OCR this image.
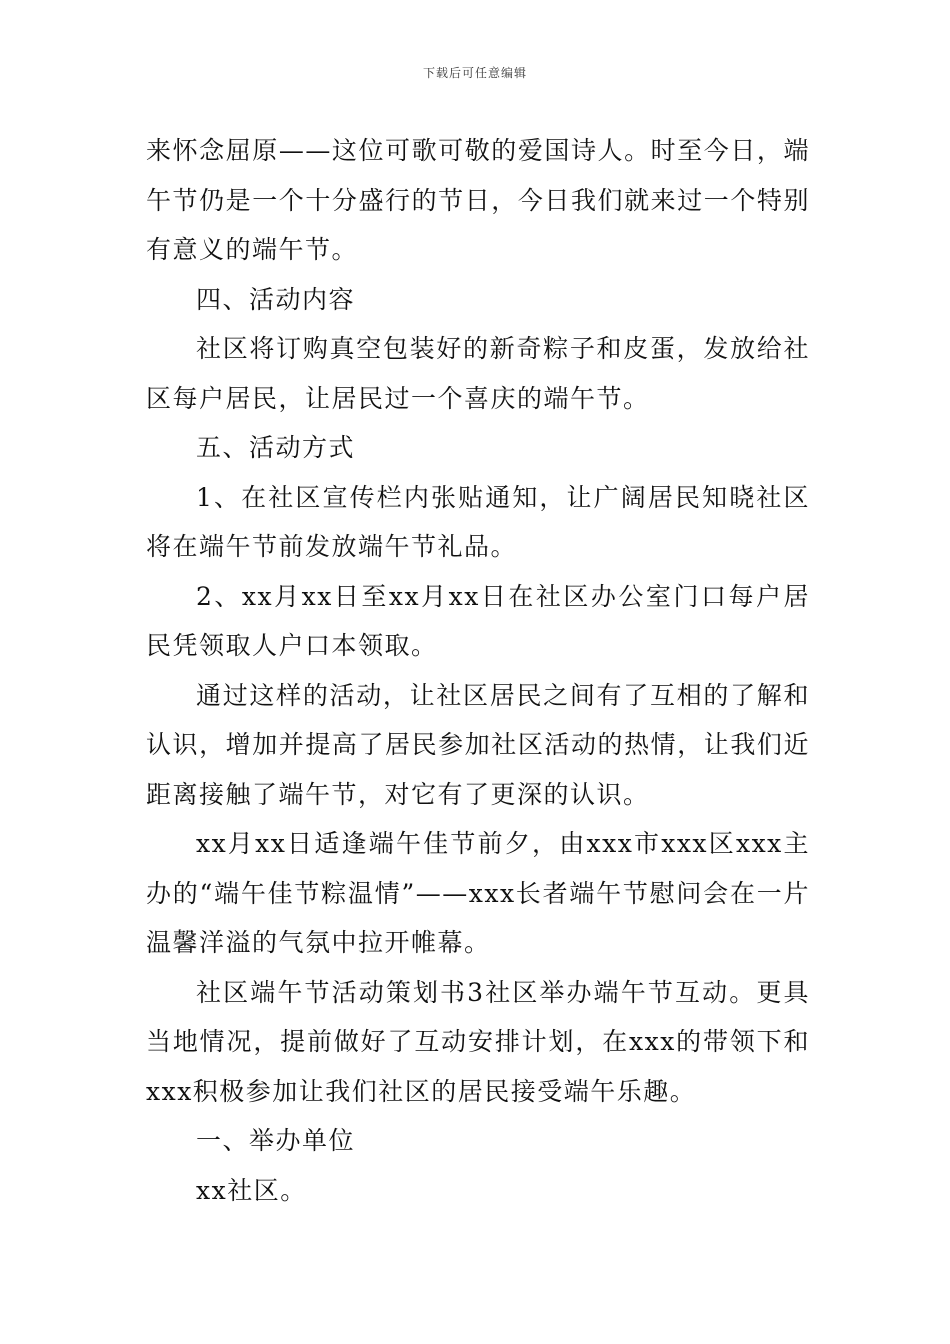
下载后可任意编辑

来怀念屈原——这位可歌可敬的爱国诗人。时至今日，端午节仍是一个十分盛行的节日，今日我们就来过一个特别有意义的端午节。

四、活动内容

社区将订购真空包装好的新奇粽子和皮蛋，发放给社区每户居民，让居民过一个喜庆的端午节。

五、活动方式

1、在社区宣传栏内张贴通知，让广阔居民知晓社区将在端午节前发放端午节礼品。

2、xx月xx日至xx月xx日在社区办公室门口每户居民凭领取人户口本领取。

通过这样的活动，让社区居民之间有了互相的了解和认识，增加并提高了居民参加社区活动的热情，让我们近距离接触了端午节，对它有了更深的认识。

xx月xx日适逢端午佳节前夕，由xxx市xxx区xxx主办的“端午佳节粽温情”——xxx长者端午节慰问会在一片温馨洋溢的气氛中拉开帷幕。

社区端午节活动策划书3社区举办端午节互动。更具当地情况，提前做好了互动安排计划，在xxx的带领下和xxx积极参加让我们社区的居民接受端午乐趣。

一、举办单位

xx社区。
